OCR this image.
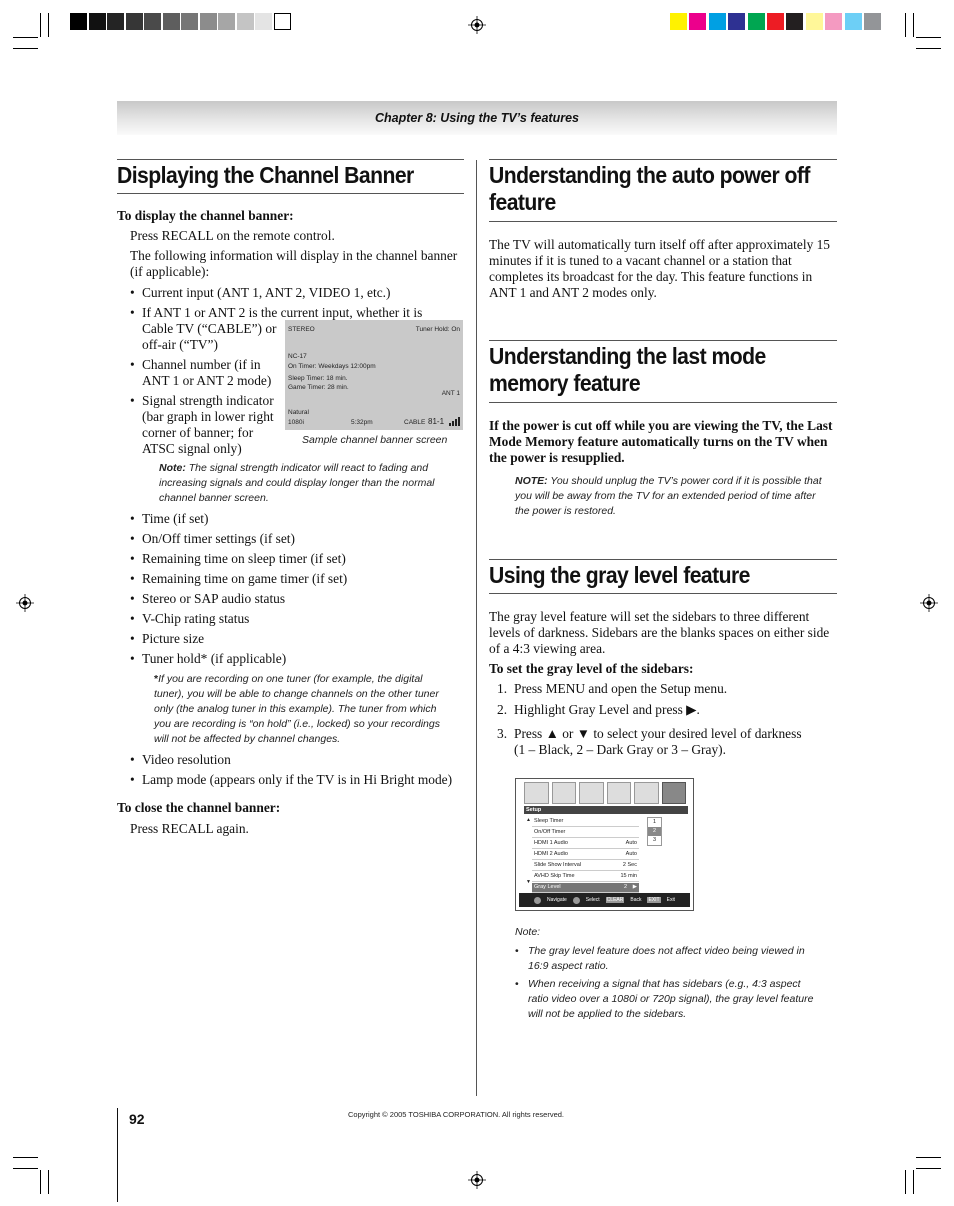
Chapter 8: Using the TV’s features
Displaying the Channel Banner
To display the channel banner:
Press RECALL on the remote control.
The following information will display in the channel banner (if applicable):
• Current input (ANT 1, ANT 2, VIDEO 1, etc.)
• If ANT 1 or ANT 2 is the current input, whether it is
Cable TV (“CABLE”) or
off-air (“TV”)
• Channel number (if in
ANT 1 or ANT 2 mode)
• Signal strength indicator
(bar graph in lower right
corner of banner; for
ATSC signal only)
STEREO	Tuner Hold: On
NC-17
On Timer: Weekdays 12:00pm
Sleep Timer: 18 min.
Game Timer: 28 min.
ANT 1
Natural
1080i	5:32pm	CABLE 81-1
Sample channel banner screen
Note: The signal strength indicator will react to fading and increasing signals and could display longer than the normal channel banner screen.
• Time (if set)
• On/Off timer settings (if set)
• Remaining time on sleep timer (if set)
• Remaining time on game timer (if set)
• Stereo or SAP audio status
• V-Chip rating status
• Picture size
• Tuner hold* (if applicable)
*If you are recording on one tuner (for example, the digital tuner), you will be able to change channels on the other tuner only (the analog tuner in this example). The tuner from which you are recording is “on hold” (i.e., locked) so your recordings will not be affected by channel changes.
• Video resolution
• Lamp mode (appears only if the TV is in Hi Bright mode)
To close the channel banner:
Press RECALL again.
Understanding the auto power off
feature
The TV will automatically turn itself off after approximately 15 minutes if it is tuned to a vacant channel or a station that completes its broadcast for the day. This feature functions in ANT 1 and ANT 2 modes only.
Understanding the last mode
memory feature
If the power is cut off while you are viewing the TV, the Last Mode Memory feature automatically turns on the TV when the power is resupplied.
NOTE: You should unplug the TV’s power cord if it is possible that you will be away from the TV for an extended period of time after the power is restored.
Using the gray level feature
The gray level feature will set the sidebars to three different levels of darkness. Sidebars are the blanks spaces on either side of a 4:3 viewing area.
To set the gray level of the sidebars:
1. Press MENU and open the Setup menu.
2. Highlight Gray Level and press ▶.
3. Press ▲ or ▼ to select your desired level of darkness
(1 – Black, 2 – Dark Gray or 3 – Gray).
Setup
▲
▼
Sleep Timer
On/Off Timer
HDMI 1 Audio	Auto
HDMI 2 Audio	Auto
Slide Show Interval	2 Sec
AVHD Skip Time	15 min
Gray Level	2 ▶
1
2
3
Navigate	Select CLEAR Back EXIT Exit
Note:
• The gray level feature does not affect video being viewed in 16:9 aspect ratio.
• When receiving a signal that has sidebars (e.g., 4:3 aspect ratio video over a 1080i or 720p signal), the gray level feature will not be applied to the sidebars.
92	Copyright © 2005 TOSHIBA CORPORATION. All rights reserved.
